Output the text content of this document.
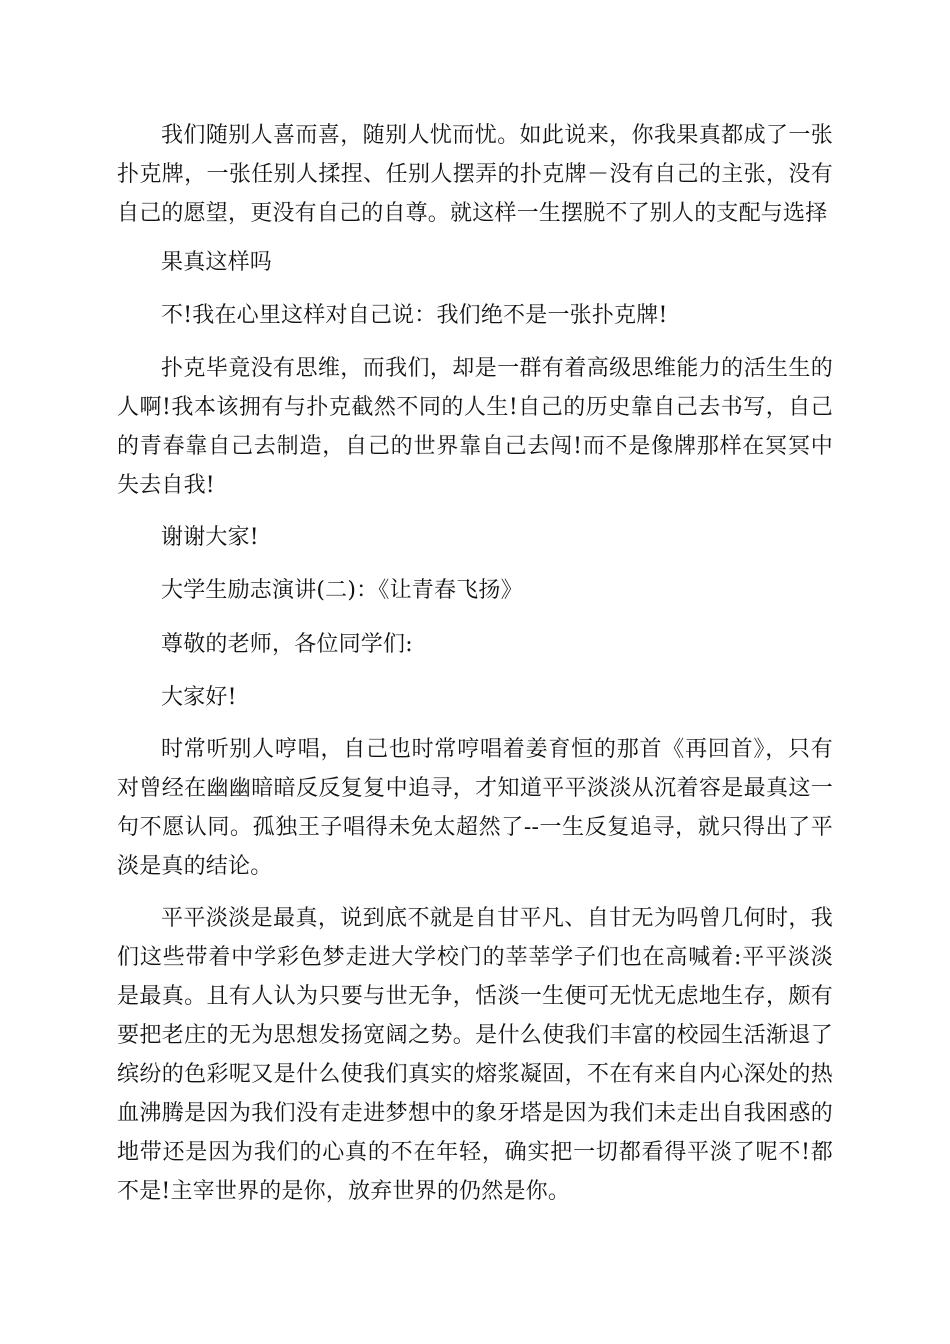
我们随别人喜而喜，随别人忧而忧。如此说来，你我果真都成了一张扑克牌，一张任别人揉捏、任别人摆弄的扑克牌－没有自己的主张，没有自己的愿望，更没有自己的自尊。就这样一生摆脱不了别人的支配与选择

果真这样吗

不!我在心里这样对自己说：我们绝不是一张扑克牌!

扑克毕竟没有思维，而我们，却是一群有着高级思维能力的活生生的人啊!我本该拥有与扑克截然不同的人生!自己的历史靠自己去书写，自己的青春靠自己去制造，自己的世界靠自己去闯!而不是像牌那样在冥冥中失去自我!

谢谢大家!

大学生励志演讲(二)：《让青春飞扬》

尊敬的老师，各位同学们:

大家好!

时常听别人哼唱，自己也时常哼唱着姜育恒的那首《再回首》，只有对曾经在幽幽暗暗反反复复中追寻，才知道平平淡淡从沉着容是最真这一句不愿认同。孤独王子唱得未免太超然了--一生反复追寻，就只得出了平淡是真的结论。

平平淡淡是最真，说到底不就是自甘平凡、自甘无为吗曾几何时，我们这些带着中学彩色梦走进大学校门的莘莘学子们也在高喊着:平平淡淡是最真。且有人认为只要与世无争，恬淡一生便可无忧无虑地生存，颇有要把老庄的无为思想发扬宽阔之势。是什么使我们丰富的校园生活渐退了缤纷的色彩呢又是什么使我们真实的熔浆凝固，不在有来自内心深处的热血沸腾是因为我们没有走进梦想中的象牙塔是因为我们未走出自我困惑的地带还是因为我们的心真的不在年轻，确实把一切都看得平淡了呢不!都不是!主宰世界的是你，放弃世界的仍然是你。
